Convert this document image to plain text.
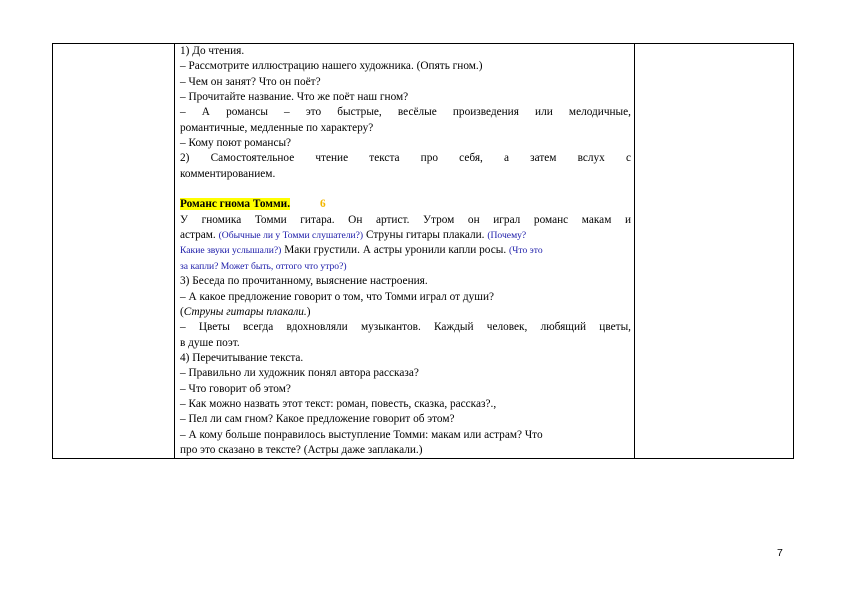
1) До чтения.
– Рассмотрите иллюстрацию нашего художника. (Опять гном.)
– Чем он занят? Что он поёт?
– Прочитайте название. Что же поёт наш гном?
– А романсы – это быстрые, весёлые произведения или мелодичные,
романтичные, медленные по характеру?
– Кому поют романсы?
2) Самостоятельное чтение текста про себя, а затем вслух с
комментированием.
Романс гнома Томми.	6
У гномика Томми гитара. Он артист. Утром он играл романс макам и
астрам. (Обычные ли у Томми слушатели?) Струны гитары плакали. (Почему?
Какие звуки услышали?) Маки грустили. А астры уронили капли росы. (Что это
за капли? Может быть, оттого что утро?)
3) Беседа по прочитанному, выяснение настроения.
– А какое предложение говорит о том, что Томми играл от души?
(Струны гитары плакали.)
– Цветы всегда вдохновляли музыкантов. Каждый человек, любящий цветы,
в душе поэт.
4) Перечитывание текста.
– Правильно ли художник понял автора рассказа?
– Что говорит об этом?
– Как можно назвать этот текст: роман, повесть, сказка, рассказ?.,
– Пел ли сам гном? Какое предложение говорит об этом?
– А кому больше понравилось выступление Томми: макам или астрам? Что
про это сказано в тексте? (Астры даже заплакали.)

7
